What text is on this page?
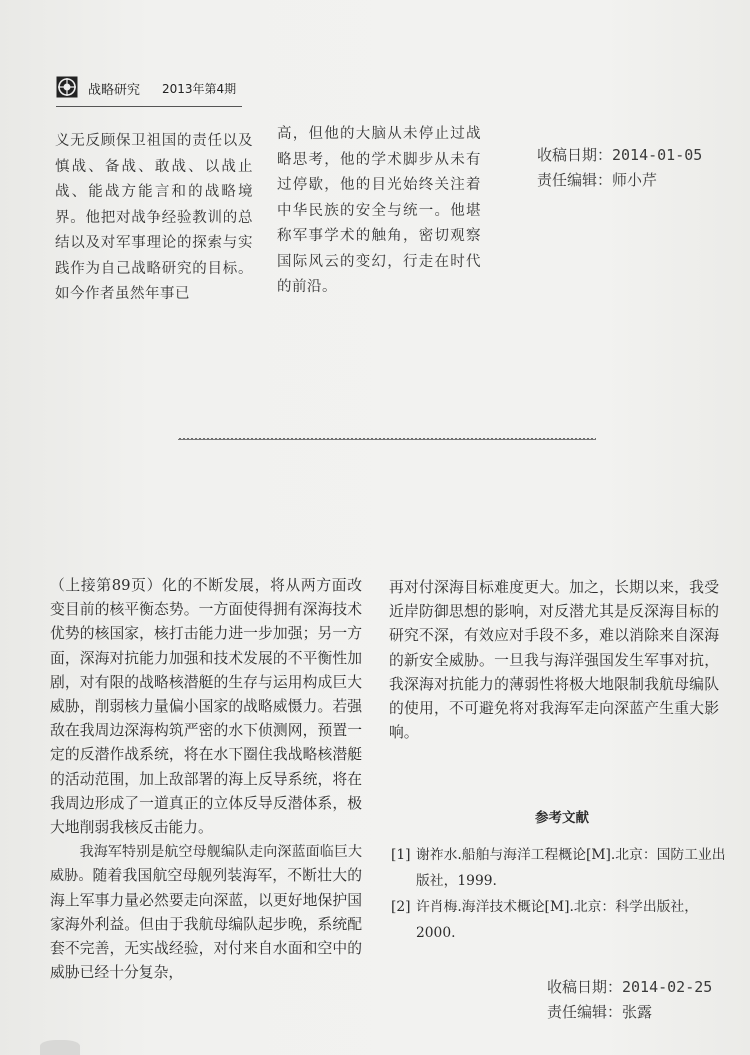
战略研究 2013年第4期
义无反顾保卫祖国的责任以及慎战、备战、敢战、以战止战、能战方能言和的战略境界。他把对战争经验教训的总结以及对军事理论的探索与实践作为自己战略研究的目标。如今作者虽然年事已
高，但他的大脑从未停止过战略思考，他的学术脚步从未有过停歇，他的目光始终关注着中华民族的安全与统一。他堪称军事学术的触角，密切观察国际风云的变幻，行走在时代的前沿。
收稿日期：2014-01-05
责任编辑：师小芹

（上接第89页）化的不断发展，将从两方面改变目前的核平衡态势。一方面使得拥有深海技术优势的核国家，核打击能力进一步加强；另一方面，深海对抗能力加强和技术发展的不平衡性加剧，对有限的战略核潜艇的生存与运用构成巨大威胁，削弱核力量偏小国家的战略威慑力。若强敌在我周边深海构筑严密的水下侦测网，预置一定的反潜作战系统，将在水下圈住我战略核潜艇的活动范围，加上敌部署的海上反导系统，将在我周边形成了一道真正的立体反导反潜体系，极大地削弱我核反击能力。

我海军特别是航空母舰编队走向深蓝面临巨大威胁。随着我国航空母舰列装海军，不断壮大的海上军事力量必然要走向深蓝，以更好地保护国家海外利益。但由于我航母编队起步晚，系统配套不完善，无实战经验，对付来自水面和空中的威胁已经十分复杂，

再对付深海目标难度更大。加之，长期以来，我受近岸防御思想的影响，对反潜尤其是反深海目标的研究不深，有效应对手段不多，难以消除来自深海的新安全威胁。一旦我与海洋强国发生军事对抗，我深海对抗能力的薄弱性将极大地限制我航母编队的使用，不可避免将对我海军走向深蓝产生重大影响。

参考文献
[1] 谢祚水.船舶与海洋工程概论[M].北京：国防工业出版社，1999.
[2] 许肖梅.海洋技术概论[M].北京：科学出版社，2000.
收稿日期：2014-02-25
责任编辑：张露
